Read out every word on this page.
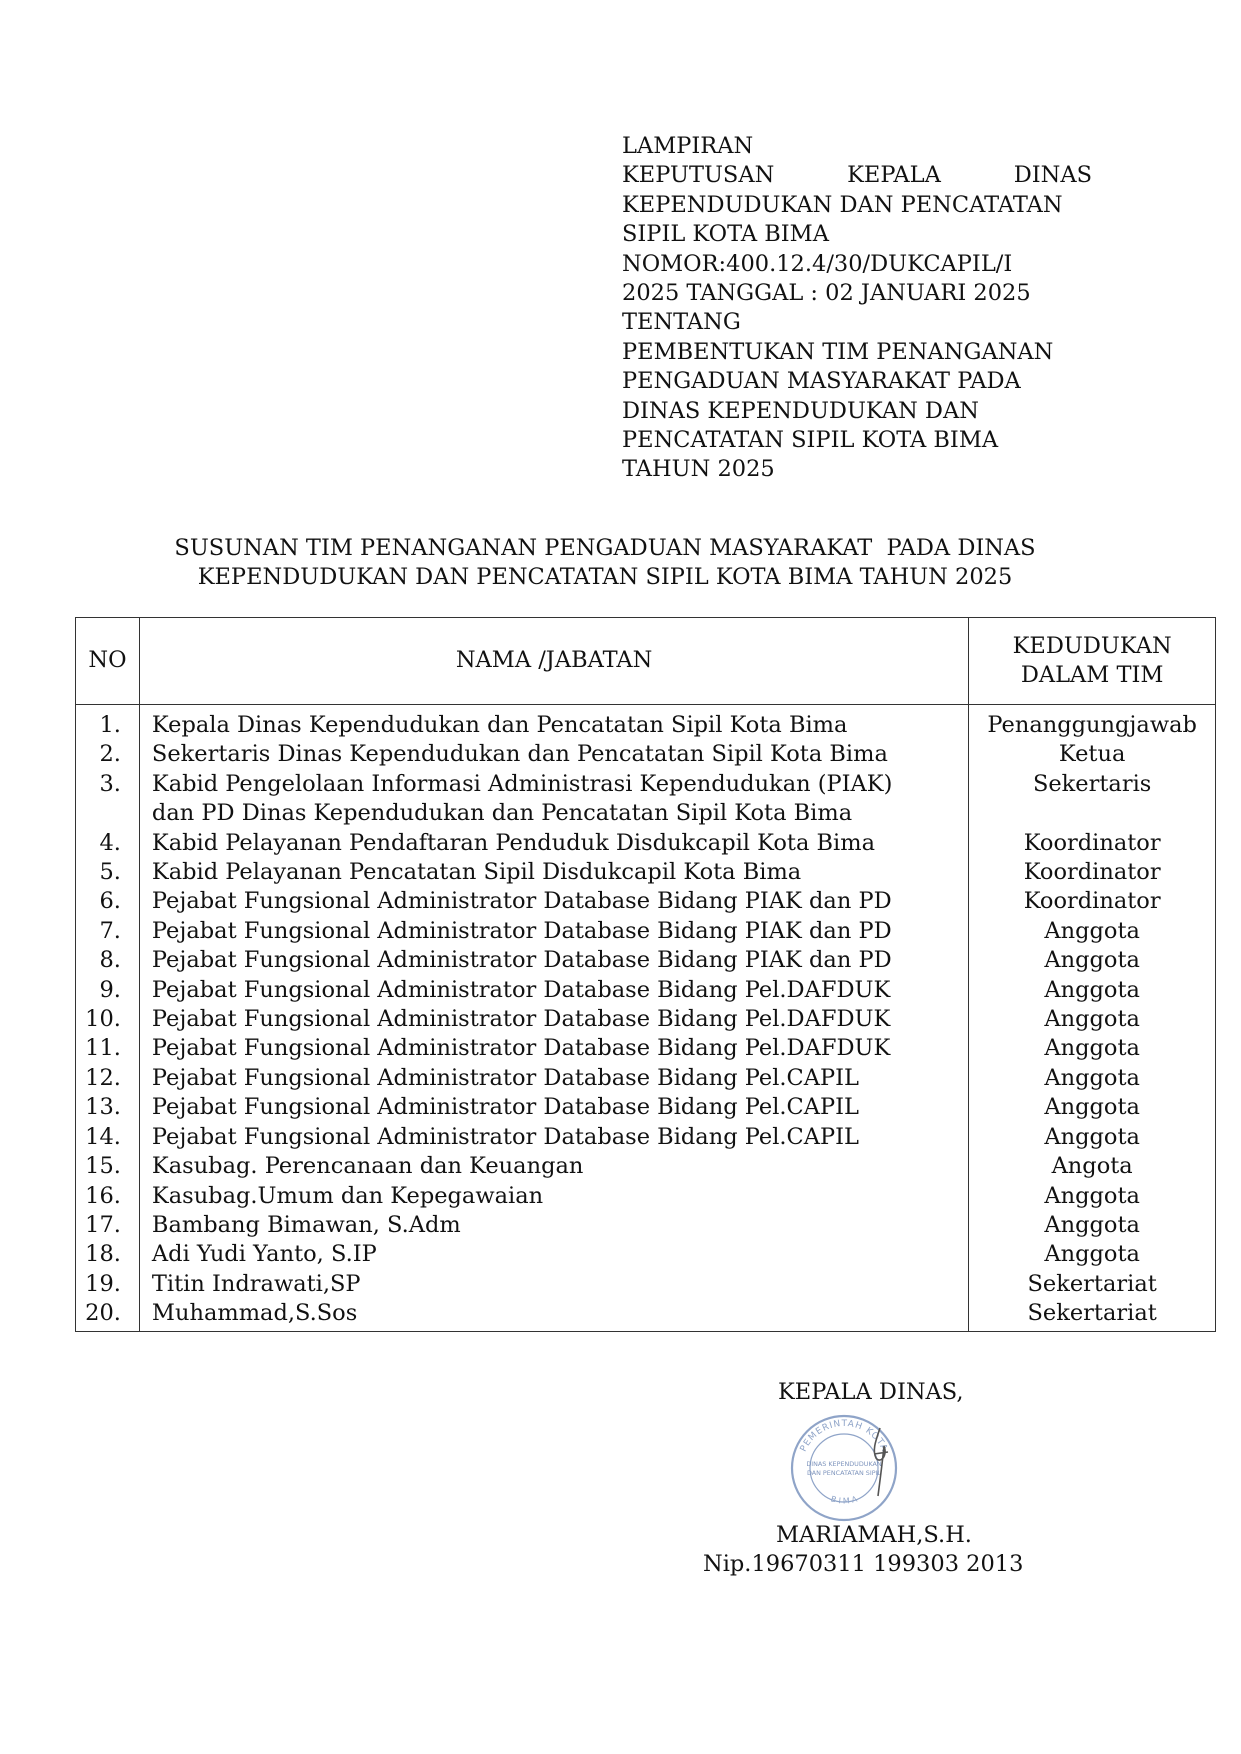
LAMPIRAN
KEPUTUSAN	KEPALA	DINAS
KEPENDUDUKAN DAN PENCATATAN
SIPIL KOTA BIMA
NOMOR:400.12.4/30/DUKCAPIL/I
2025 TANGGAL : 02 JANUARI 2025
TENTANG
PEMBENTUKAN TIM PENANGANAN
PENGADUAN MASYARAKAT PADA
DINAS KEPENDUDUKAN DAN
PENCATATAN SIPIL KOTA BIMA
TAHUN 2025
SUSUNAN TIM PENANGANAN PENGADUAN MASYARAKAT  PADA DINAS
KEPENDUDUKAN DAN PENCATATAN SIPIL KOTA BIMA TAHUN 2025
NO	NAMA /JABATAN	KEDUDUKAN
DALAM TIM

1.	Kepala Dinas Kependudukan dan Pencatatan Sipil Kota Bima	Penanggungjawab
2.	Sekertaris Dinas Kependudukan dan Pencatatan Sipil Kota Bima	Ketua
3.	Kabid Pengelolaan Informasi Administrasi Kependudukan (PIAK)
dan PD Dinas Kependudukan dan Pencatatan Sipil Kota Bima	Sekertaris
4.	Kabid Pelayanan Pendaftaran Penduduk Disdukcapil Kota Bima	Koordinator
5.	Kabid Pelayanan Pencatatan Sipil Disdukcapil Kota Bima	Koordinator
6.	Pejabat Fungsional Administrator Database Bidang PIAK dan PD	Koordinator
7.	Pejabat Fungsional Administrator Database Bidang PIAK dan PD	Anggota
8.	Pejabat Fungsional Administrator Database Bidang PIAK dan PD	Anggota
9.	Pejabat Fungsional Administrator Database Bidang Pel.DAFDUK	Anggota
10.	Pejabat Fungsional Administrator Database Bidang Pel.DAFDUK	Anggota
11.	Pejabat Fungsional Administrator Database Bidang Pel.DAFDUK	Anggota
12.	Pejabat Fungsional Administrator Database Bidang Pel.CAPIL	Anggota
13.	Pejabat Fungsional Administrator Database Bidang Pel.CAPIL	Anggota
14.	Pejabat Fungsional Administrator Database Bidang Pel.CAPIL	Anggota
15.	Kasubag. Perencanaan dan Keuangan	Angota
16.	Kasubag.Umum dan Kepegawaian	Anggota
17.	Bambang Bimawan, S.Adm	Anggota
18.	Adi Yudi Yanto, S.IP	Anggota
19.	Titin Indrawati,SP	Sekertariat
20.	Muhammad,S.Sos	Sekertariat
KEPALA DINAS,
PEMERINTAH KOTA
B I M A
DINAS KEPENDUDUKAN
DAN PENCATATAN SIPIL
MARIAMAH,S.H.
Nip.19670311 199303 2013
